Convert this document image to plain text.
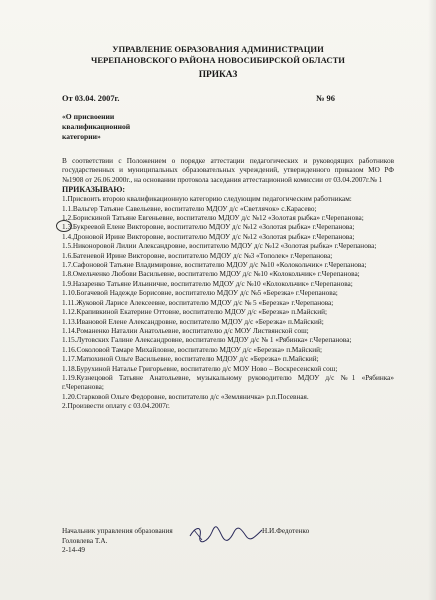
УПРАВЛЕНИЕ ОБРАЗОВАНИЯ АДМИНИСТРАЦИИ
ЧЕРЕПАНОВСКОГО РАЙОНА НОВОСИБИРСКОЙ ОБЛАСТИ
ПРИКАЗ
От 03.04. 2007г.	№ 96
«О присвоении
квалификационной
категории»

В соответствии с Положением о порядке аттестации педагогических и руководящих работников государственных и муниципальных образовательных учреждений, утвержденного приказом МО РФ №1908 от 26.06.2000г., на основании протокола заседания аттестационной комиссии от 03.04.2007г.№ 1

ПРИКАЗЫВАЮ:

1.Присвоить второю квалификационную категорию следующим педагогическим работникам:

1.1.Вальгер Татьяне Савельевне, воспитателю МДОУ д/с «Светлячок» с.Карасево;

1.2.Борискиной Татьяне Евгеньевне, воспитателю МДОУ д/с №12 «Золотая рыбка» г.Черепанова;

1.3.Букреевой Елене Викторовне, воспитателю МДОУ д/с №12 «Золотая рыбка» г.Черепанова;

1.4.Дроновой Ирине Викторовне, воспитателю МДОУ д/с №12 «Золотая рыбка» г.Черепанова;

1.5.Никоноровой Лилии Александровне, воспитателю МДОУ д/с №12 «Золотая рыбка» г.Черепанова;

1.6.Батеневой Ирине Викторовне, воспитателю МДОУ д/с №3 «Тополек» г.Черепанова;

1.7.Сафоновой Татьяне Владимировне, воспитателю МДОУ д/с №10 «Колокольчик» г.Черепанова;

1.8.Омельченко Любови Васильевне, воспитателю МДОУ д/с №10 «Колокольчик» г.Черепанова;

1.9.Назаренко Татьяне Ильиничне, воспитателю МДОУ д/с №10 «Колокольчик» г.Черепанова;

1.10.Богачевой Надежде Борисовне, воспитателю МДОУ д/с №5 «Березка» г.Черепанова;

1.11.Жуковой Ларисе Алексеевне, воспитателю МДОУ д/с № 5 «Березка» г.Черепанова;

1.12.Крапивкиной Екатерине Оттовне, воспитателю МДОУ д/с «Березка» п.Майский;

1.13.Ивановой Елене Александровне, воспитателю МДОУ д/с «Березка» п.Майский;

1.14.Романенко Наталии Анатольевне, воспитателю д/с МОУ Листвянской сош;

1.15.Лутовских Галине Александровне, воспитателю МДОУ д/с № 1 «Рябинка» г.Черепанова;

1.16.Соколовой Тамаре Михайловне, воспитателю МДОУ д/с «Березка» п.Майский;

1.17.Матюхиной Ольге Васильевне, воспитателю МДОУ д/с «Березка» п.Майский;

1.18.Бурухиной Наталье Григорьевне, воспитателю д/с МОУ Ново – Воскресенской сош;

1.19.Кузнецовой Татьяне Анатольевне, музыкальному руководителю МДОУ д/с №1 «Рябинка» г.Черепанова;

1.20.Старковой Ольге Федоровне, воспитателю д/с «Земляничка» р.п.Посевная.

2.Произвести оплату с 03.04.2007г.

Начальник управления образования
Головлева Т.А.
2-14-49
Н.И.Федотенко
